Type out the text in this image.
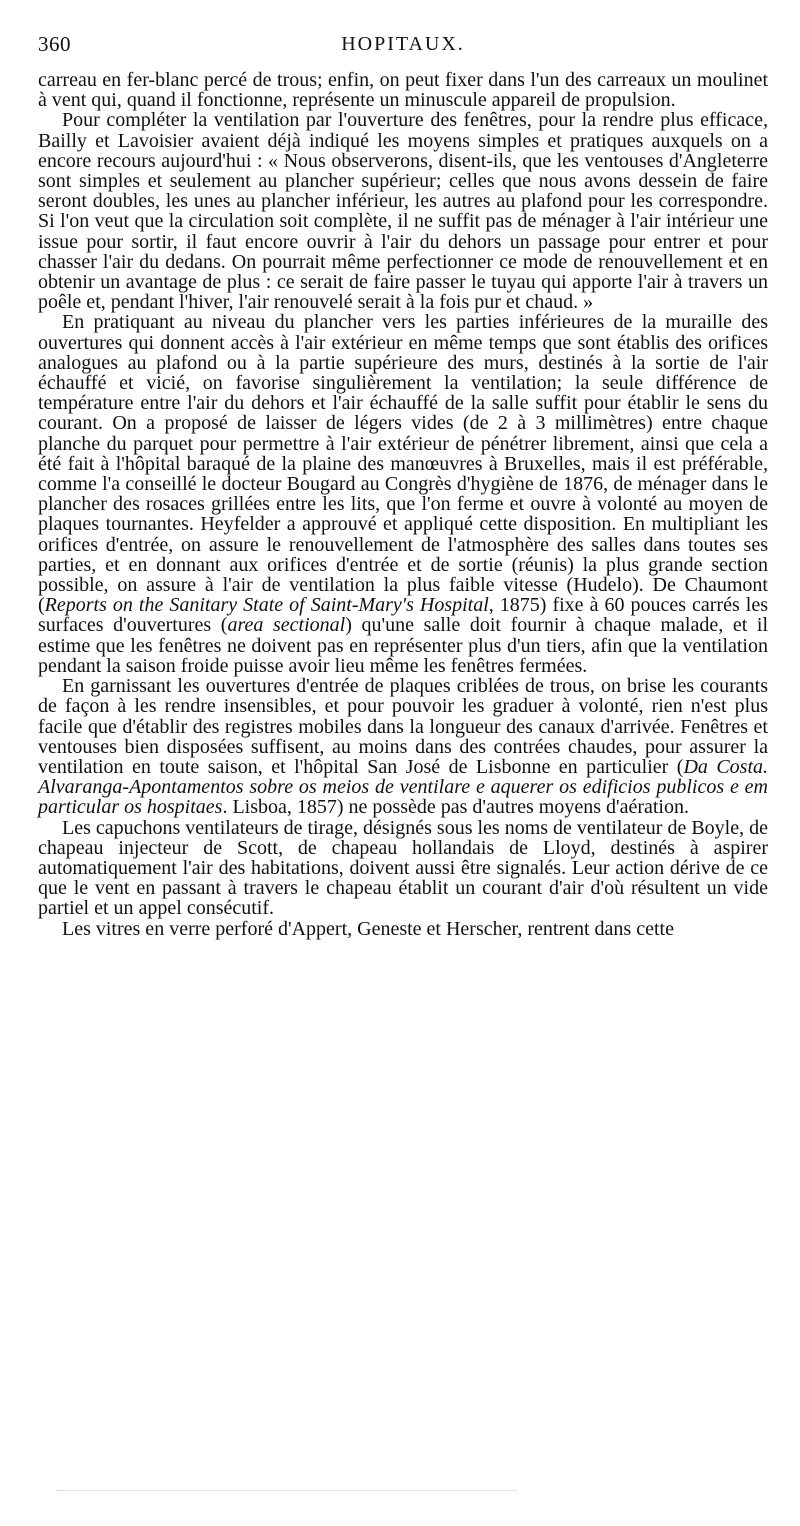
360	HOPITAUX.

carreau en fer-blanc percé de trous; enfin, on peut fixer dans l'un des carreaux un moulinet à vent qui, quand il fonctionne, représente un minuscule appareil de propulsion.

Pour compléter la ventilation par l'ouverture des fenêtres, pour la rendre plus efficace, Bailly et Lavoisier avaient déjà indiqué les moyens simples et pratiques auxquels on a encore recours aujourd'hui : « Nous observerons, disent-ils, que les ventouses d'Angleterre sont simples et seulement au plancher supérieur; celles que nous avons dessein de faire seront doubles, les unes au plancher inférieur, les autres au plafond pour les correspondre. Si l'on veut que la circulation soit complète, il ne suffit pas de ménager à l'air intérieur une issue pour sortir, il faut encore ouvrir à l'air du dehors un passage pour entrer et pour chasser l'air du dedans. On pourrait même perfectionner ce mode de renouvellement et en obtenir un avantage de plus : ce serait de faire passer le tuyau qui apporte l'air à travers un poêle et, pendant l'hiver, l'air renouvelé serait à la fois pur et chaud. »

En pratiquant au niveau du plancher vers les parties inférieures de la muraille des ouvertures qui donnent accès à l'air extérieur en même temps que sont établis des orifices analogues au plafond ou à la partie supérieure des murs, destinés à la sortie de l'air échauffé et vicié, on favorise singulièrement la ventilation; la seule différence de température entre l'air du dehors et l'air échauffé de la salle suffit pour établir le sens du courant. On a proposé de laisser de légers vides (de 2 à 3 millimètres) entre chaque planche du parquet pour permettre à l'air extérieur de pénétrer librement, ainsi que cela a été fait à l'hôpital baraqué de la plaine des manœuvres à Bruxelles, mais il est préférable, comme l'a conseillé le docteur Bougard au Congrès d'hygiène de 1876, de ménager dans le plancher des rosaces grillées entre les lits, que l'on ferme et ouvre à volonté au moyen de plaques tournantes. Heyfelder a approuvé et appliqué cette disposition. En multipliant les orifices d'entrée, on assure le renouvellement de l'atmosphère des salles dans toutes ses parties, et en donnant aux orifices d'entrée et de sortie (réunis) la plus grande section possible, on assure à l'air de ventilation la plus faible vitesse (Hudelo). De Chaumont (Reports on the Sanitary State of Saint-Mary's Hospital, 1875) fixe à 60 pouces carrés les surfaces d'ouvertures (area sectional) qu'une salle doit fournir à chaque malade, et il estime que les fenêtres ne doivent pas en représenter plus d'un tiers, afin que la ventilation pendant la saison froide puisse avoir lieu même les fenêtres fermées.

En garnissant les ouvertures d'entrée de plaques criblées de trous, on brise les courants de façon à les rendre insensibles, et pour pouvoir les graduer à volonté, rien n'est plus facile que d'établir des registres mobiles dans la longueur des canaux d'arrivée. Fenêtres et ventouses bien disposées suffisent, au moins dans des contrées chaudes, pour assurer la ventilation en toute saison, et l'hôpital San José de Lisbonne en particulier (Da Costa. Alvaranga-Apontamentos sobre os meios de ventilare e aquerer os edificios publicos e em particular os hospitaes. Lisboa, 1857) ne possède pas d'autres moyens d'aération.

Les capuchons ventilateurs de tirage, désignés sous les noms de ventilateur de Boyle, de chapeau injecteur de Scott, de chapeau hollandais de Lloyd, destinés à aspirer automatiquement l'air des habitations, doivent aussi être signalés. Leur action dérive de ce que le vent en passant à travers le chapeau établit un courant d'air d'où résultent un vide partiel et un appel consécutif.

Les vitres en verre perforé d'Appert, Geneste et Herscher, rentrent dans cette
